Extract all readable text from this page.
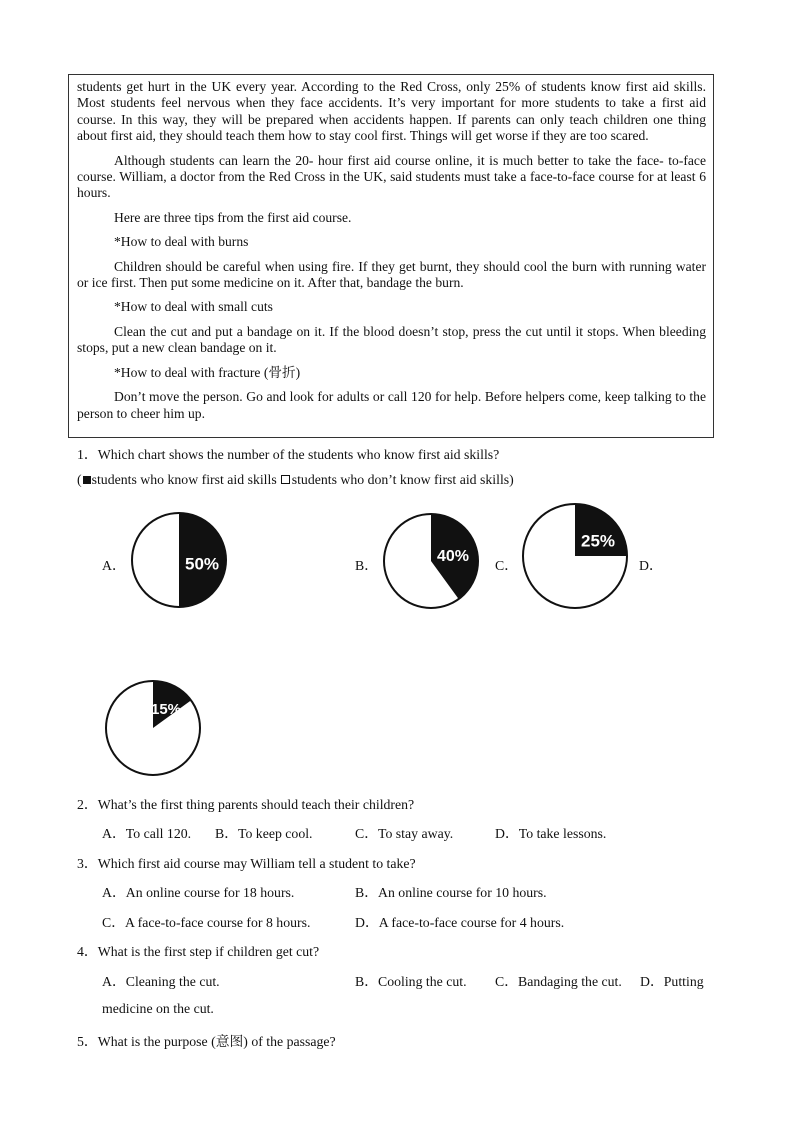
students get hurt in the UK every year. According to the Red Cross, only 25% of students know first aid skills. Most students feel nervous when they face accidents. It’s very important for more students to take a first aid course. In this way, they will be prepared when accidents happen. If parents can only teach children one thing about first aid, they should teach them how to stay cool first. Things will get worse if they are too scared.

Although students can learn the 20- hour first aid course online, it is much better to take the face- to-face course. William, a doctor from the Red Cross in the UK, said students must take a face-to-face course for at least 6 hours.

Here are three tips from the first aid course.

*How to deal with burns

Children should be careful when using fire. If they get burnt, they should cool the burn with running water or ice first. Then put some medicine on it. After that, bandage the burn.

*How to deal with small cuts

Clean the cut and put a bandage on it. If the blood doesn’t stop, press the cut until it stops. When bleeding stops, put a new clean bandage on it.

*How to deal with fracture (骨折)

Don’t move the person. Go and look for adults or call 120 for help. Before helpers come, keep talking to the person to cheer him up.

1．Which chart shows the number of the students who know first aid skills?
( students who know first aid skills students who don’t know first aid skills)
A．	50%	B．
40%
C．
25%
D．
15%
2．What’s the first thing parents should teach their children?
A．To call 120. B．To keep cool.	C．To stay away.	D．To take lessons.
3．Which first aid course may William tell a student to take?
A．An online course for 18 hours.	B．An online course for 10 hours.
C．A face-to-face course for 8 hours.	D．A face-to-face course for 4 hours.
4．What is the first step if children get cut?
A．Cleaning the cut.	B．Cooling the cut. C．Bandaging the cut. D．Putting
medicine on the cut.
5．What is the purpose (意图) of the passage?
